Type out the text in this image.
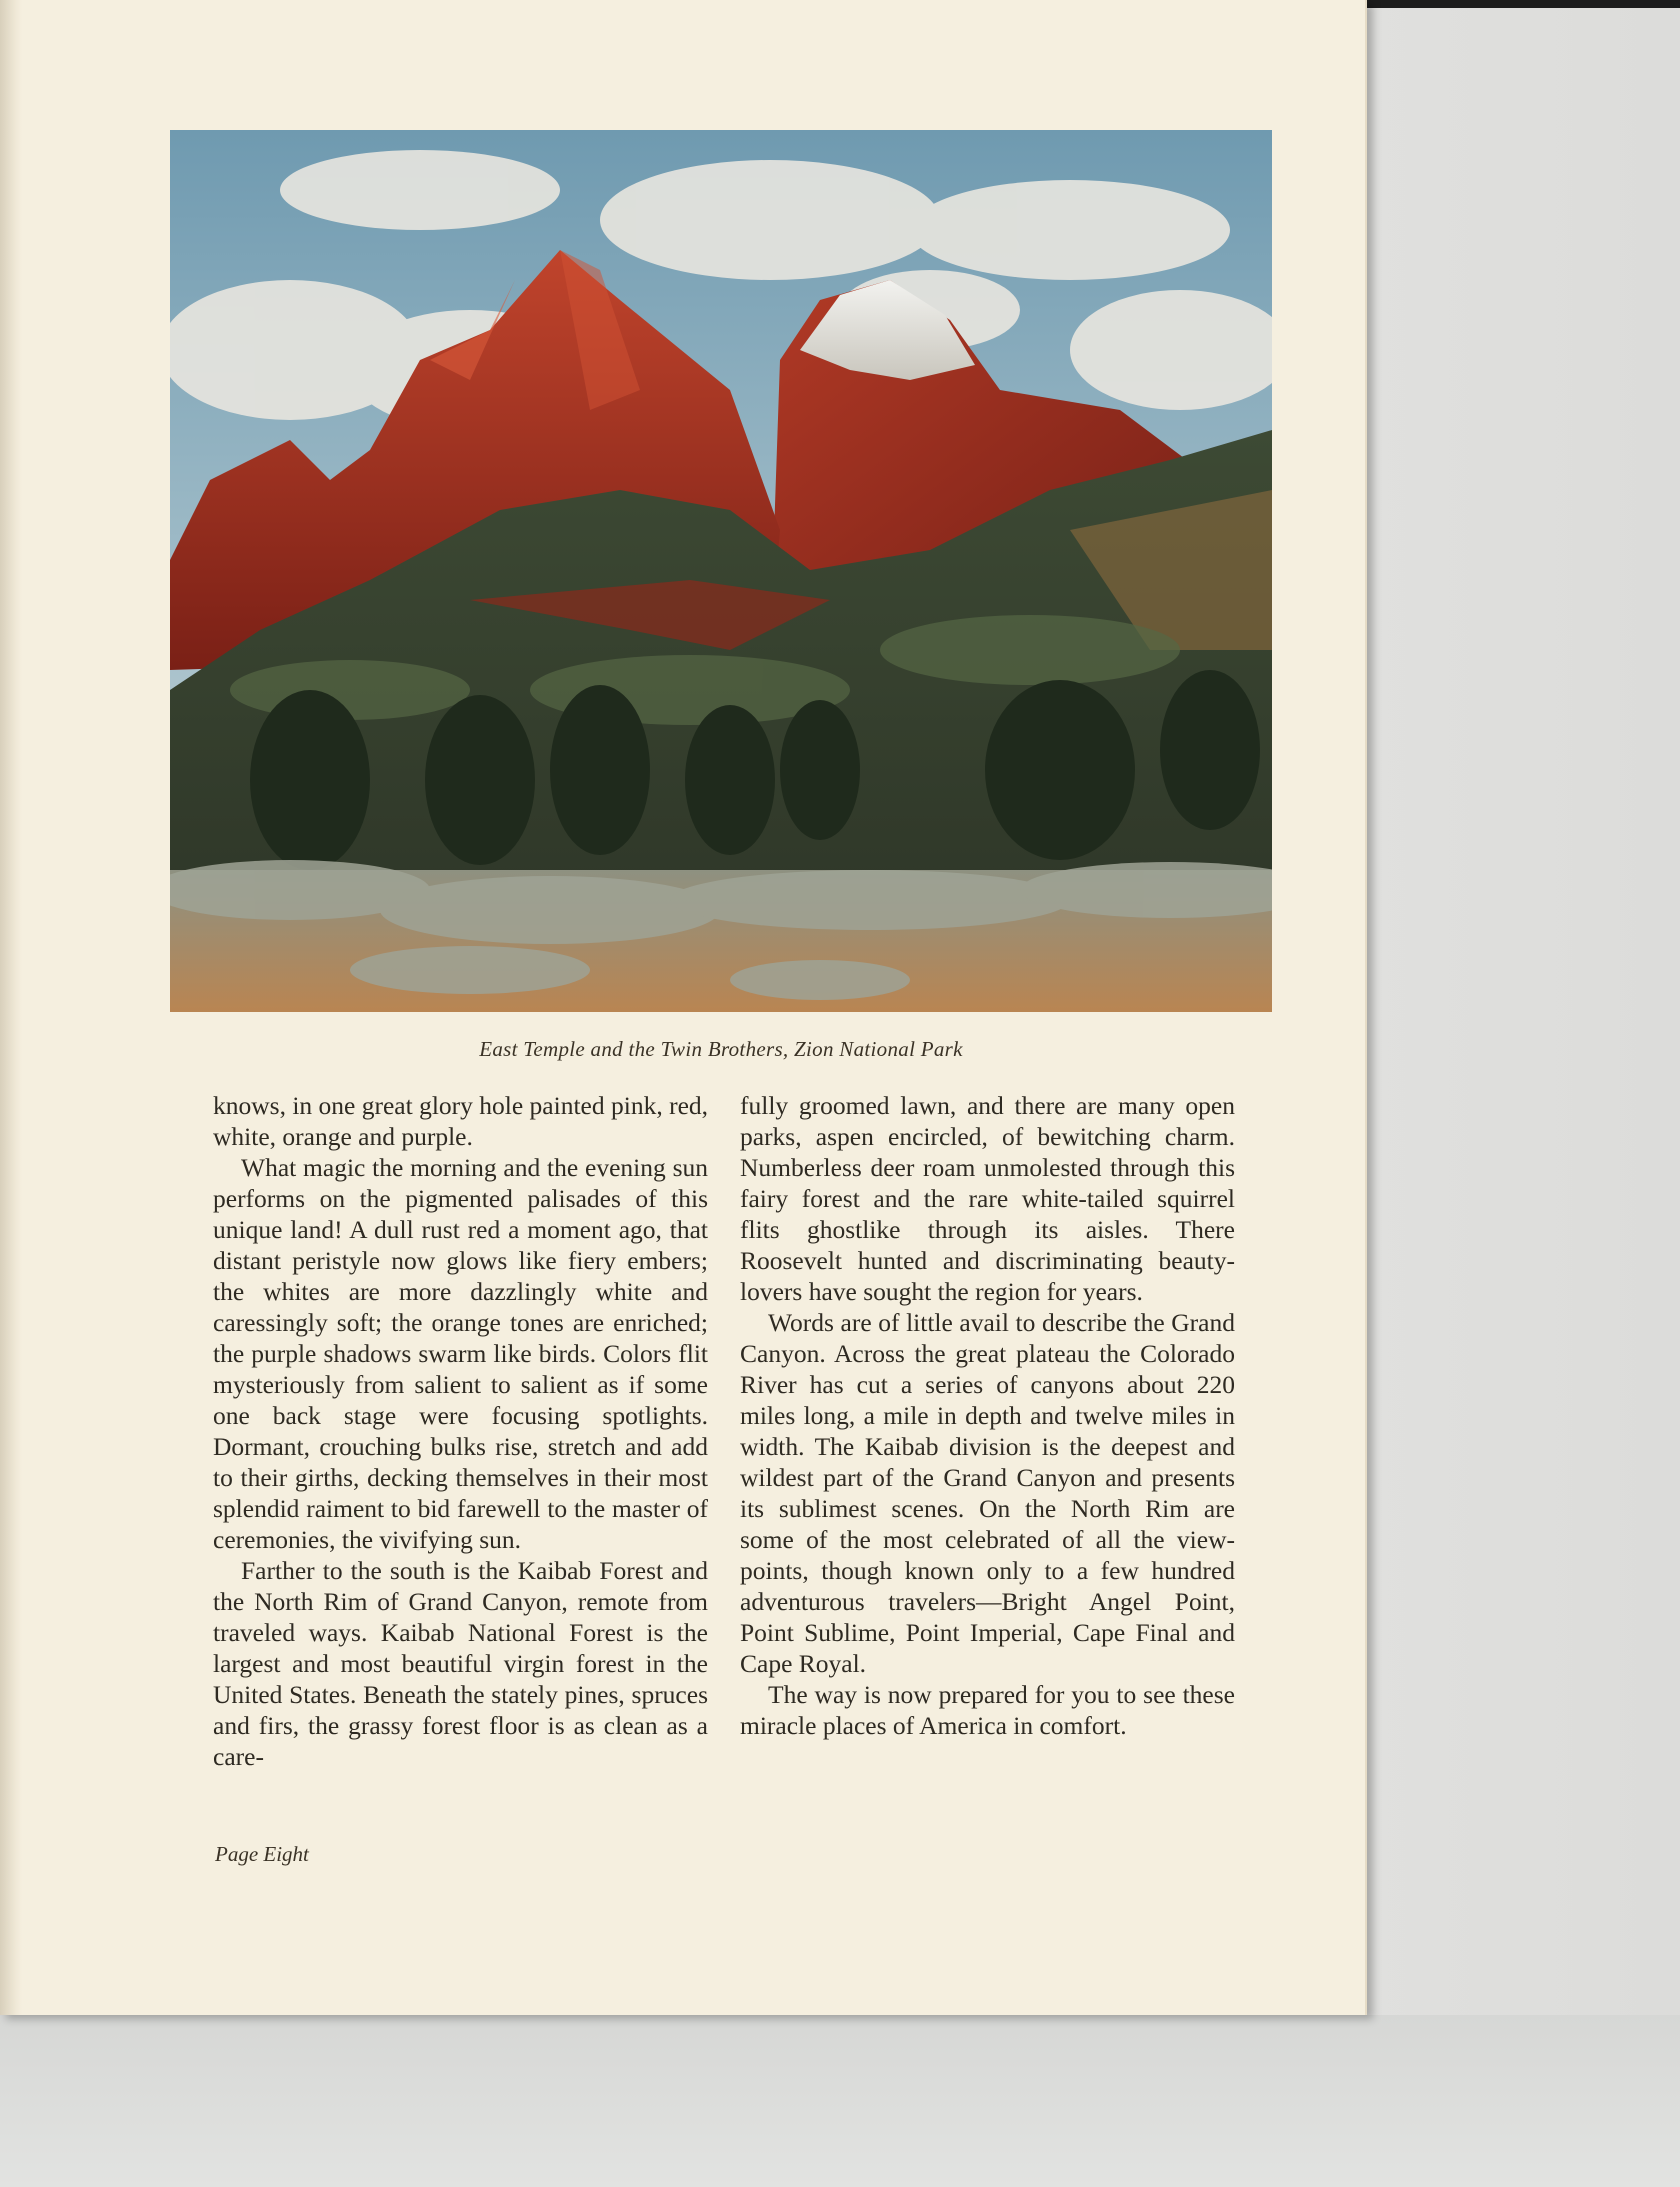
East Temple and the Twin Brothers, Zion National Park

knows, in one great glory hole painted pink, red, white, orange and purple.

What magic the morning and the evening sun performs on the pigmented palisades of this unique land! A dull rust red a moment ago, that distant peristyle now glows like fiery embers; the whites are more dazzlingly white and caressingly soft; the orange tones are enriched; the purple shadows swarm like birds. Colors flit mysteriously from salient to salient as if some one back stage were focusing spotlights. Dormant, crouching bulks rise, stretch and add to their girths, decking themselves in their most splendid raiment to bid farewell to the master of ceremonies, the vivifying sun.

Farther to the south is the Kaibab Forest and the North Rim of Grand Canyon, remote from traveled ways. Kaibab National Forest is the largest and most beautiful virgin forest in the United States. Beneath the stately pines, spruces and firs, the grassy forest floor is as clean as a care-

fully groomed lawn, and there are many open parks, aspen encircled, of bewitching charm. Numberless deer roam unmolested through this fairy forest and the rare white-tailed squirrel flits ghostlike through its aisles. There Roosevelt hunted and discriminating beauty-lovers have sought the region for years.

Words are of little avail to describe the Grand Canyon. Across the great plateau the Colorado River has cut a series of canyons about 220 miles long, a mile in depth and twelve miles in width. The Kaibab division is the deepest and wildest part of the Grand Canyon and presents its sublimest scenes. On the North Rim are some of the most celebrated of all the viewpoints, though known only to a few hundred adventurous travelers—Bright Angel Point, Point Sublime, Point Imperial, Cape Final and Cape Royal.

The way is now prepared for you to see these miracle places of America in comfort.

Page Eight
